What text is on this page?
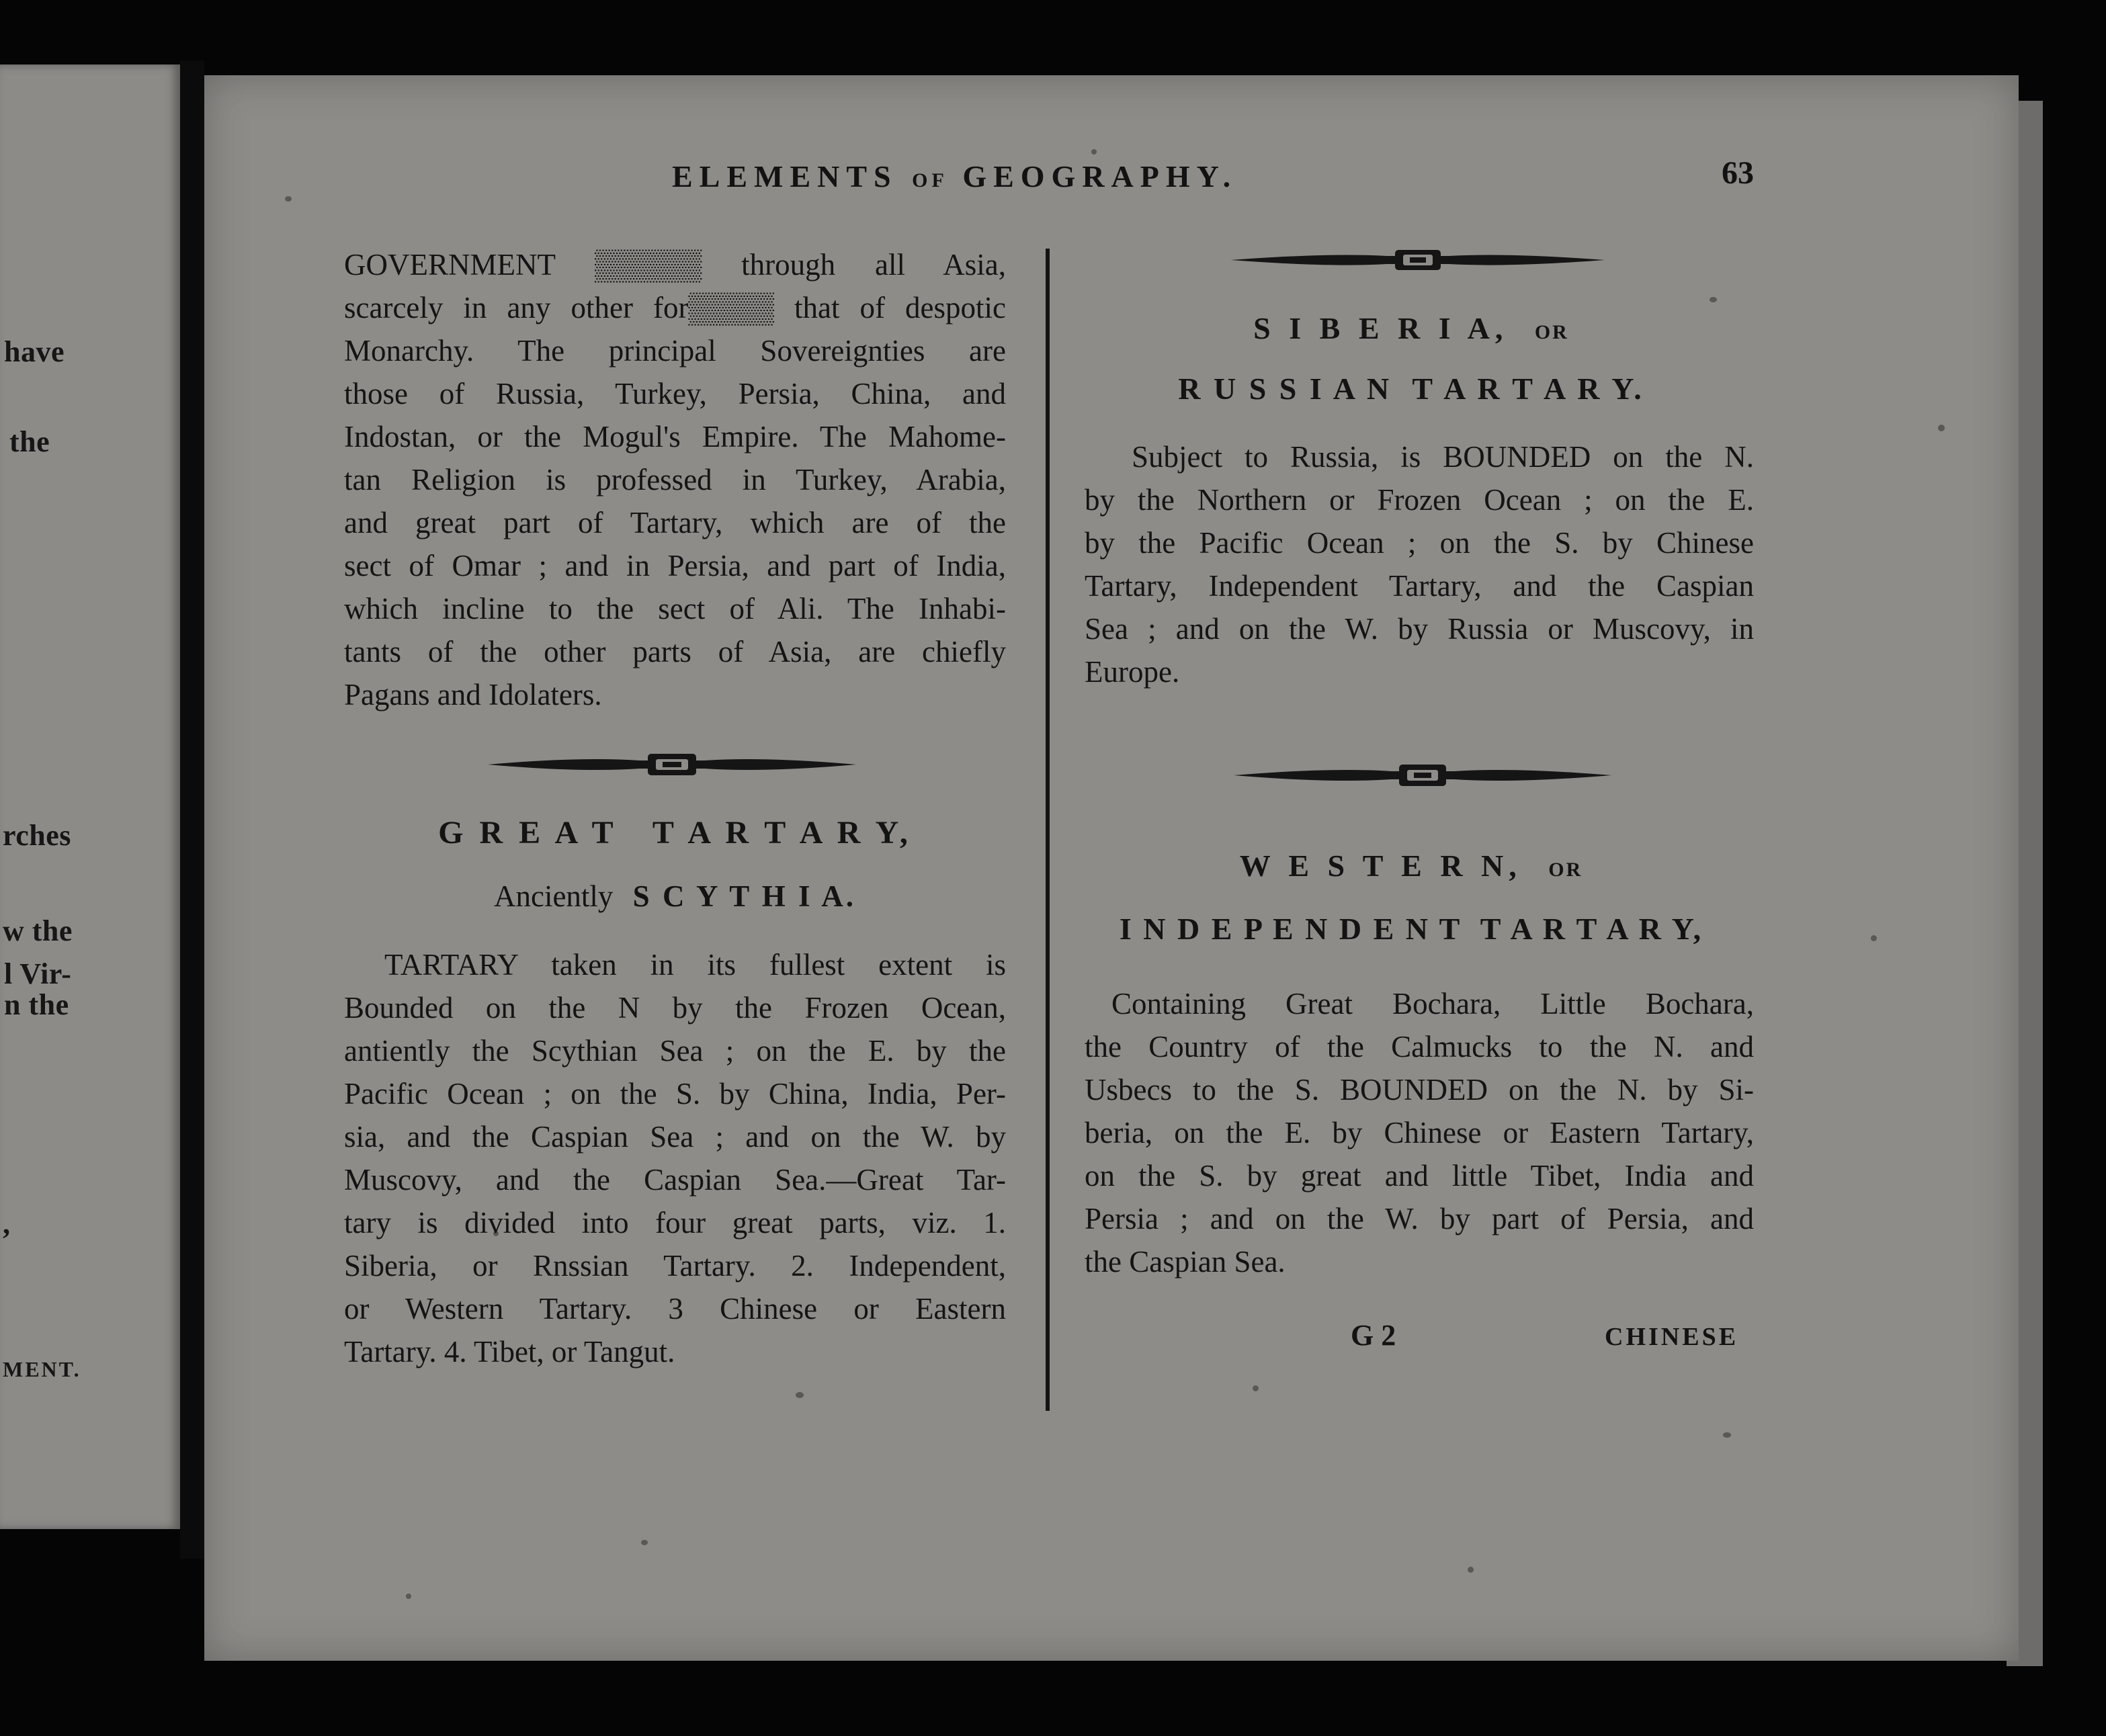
have
the
rches
w the
l Vir-
n the
,
MENT.
ELEMENTS OF GEOGRAPHY.	63

GOVERNMENT ▒▒▒▒▒ through all Asia,

scarcely in any other for▒▒▒▒ that of despotic

Monarchy. The principal Sovereignties are

those of Russia, Turkey, Persia, China, and

Indostan, or the Mogul's Empire. The Mahome-

tan Religion is professed in Turkey, Arabia,

and great part of Tartary, which are of the

sect of Omar ; and in Persia, and part of India,

which incline to the sect of Ali. The Inhabi-

tants of the other parts of Asia, are chiefly

Pagans and Idolaters.

G R E A T   T A R T A R Y,
Anciently S C Y T H I A.

TARTARY taken in its fullest extent is

Bounded on the N by the Frozen Ocean,

antiently the Scythian Sea ; on the E. by the

Pacific Ocean ; on the S. by China, India, Per-

sia, and the Caspian Sea ; and on the W. by

Muscovy, and the Caspian Sea.—Great Tar-

tary is divided into four great parts, viz. 1.

Siberia, or Rnssian Tartary. 2. Independent,

or Western Tartary. 3 Chinese or Eastern

Tartary. 4. Tibet, or Tangut.

S I B E R I A, OR
R U S S I A N  T A R T A R Y.

Subject to Russia, is BOUNDED on the N.

by the Northern or Frozen Ocean ; on the E.

by the Pacific Ocean ; on the S. by Chinese

Tartary, Independent Tartary, and the Caspian

Sea ; and on the W. by Russia or Muscovy, in

Europe.

W E S T E R N, OR
I N D E P E N D E N T  T A R T A R Y,

Containing Great Bochara, Little Bochara,

the Country of the Calmucks to the N. and

Usbecs to the S. BOUNDED on the N. by Si-

beria, on the E. by Chinese or Eastern Tartary,

on the S. by great and little Tibet, India and

Persia ; and on the W. by part of Persia, and

the Caspian Sea.

G 2	CHINESE
